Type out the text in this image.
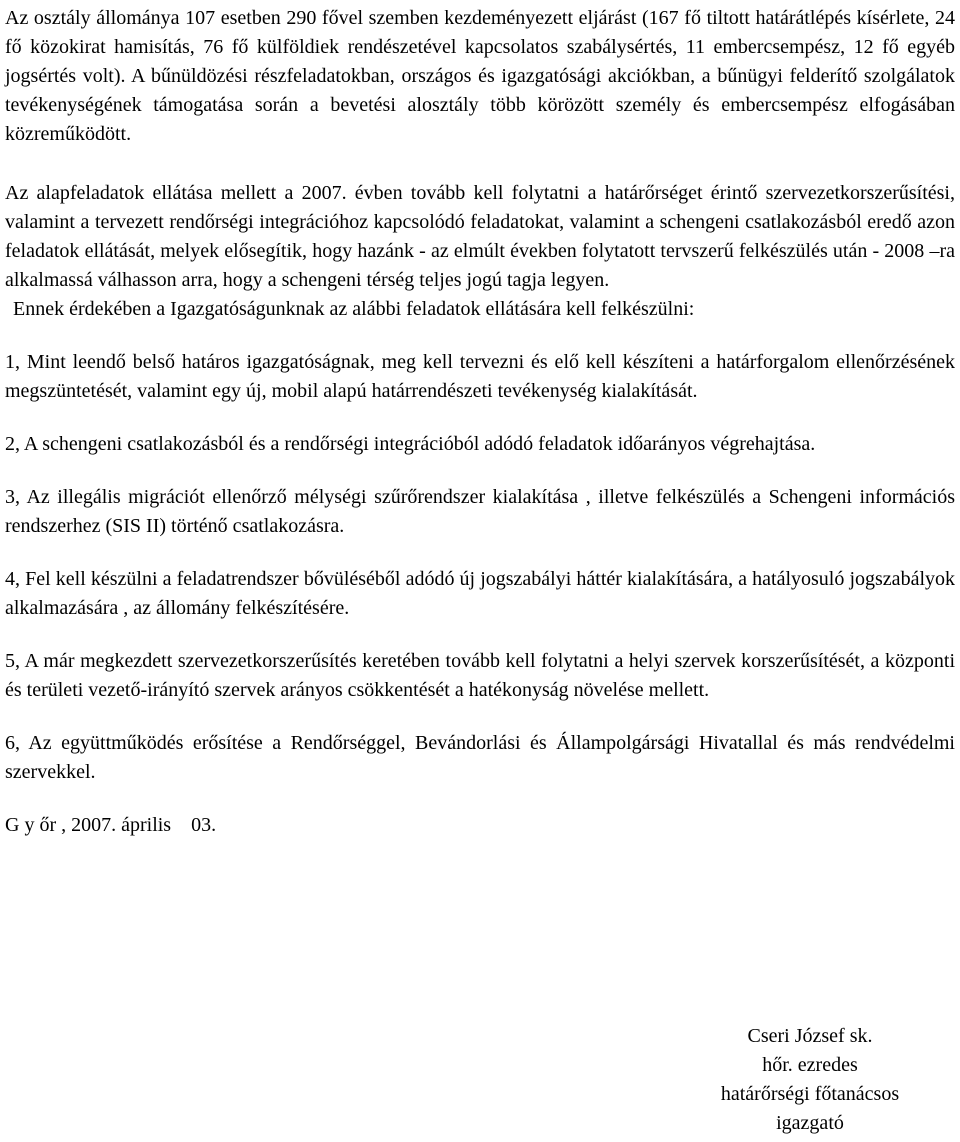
Az osztály állománya 107 esetben 290 fővel szemben kezdeményezett eljárást (167 fő tiltott határátlépés kísérlete, 24 fő közokirat hamisítás, 76 fő külföldiek rendészetével kapcsolatos szabálysértés, 11 embercsempész, 12 fő egyéb jogsértés volt). A bűnüldözési részfeladatokban, országos és igazgatósági akciókban, a bűnügyi felderítő szolgálatok tevékenységének támogatása során a bevetési alosztály több körözött személy és embercsempész elfogásában közreműködött.

Az alapfeladatok ellátása mellett a 2007. évben tovább kell folytatni a határőrséget érintő szervezetkorszerűsítési, valamint a tervezett rendőrségi integrációhoz kapcsolódó feladatokat, valamint a schengeni csatlakozásból eredő azon feladatok ellátását, melyek elősegítik, hogy hazánk - az elmúlt években folytatott tervszerű felkészülés után - 2008 –ra alkalmassá válhasson arra, hogy a schengeni térség teljes jogú tagja legyen.

Ennek érdekében a Igazgatóságunknak az alábbi feladatok ellátására kell felkészülni:

1, Mint leendő belső határos igazgatóságnak, meg kell tervezni és elő kell készíteni a határforgalom ellenőrzésének megszüntetését, valamint egy új, mobil alapú határrendészeti tevékenység kialakítását.

2, A schengeni csatlakozásból és a rendőrségi integrációból adódó feladatok időarányos végrehajtása.

3, Az illegális migrációt ellenőrző mélységi szűrőrendszer kialakítása , illetve felkészülés a Schengeni információs rendszerhez (SIS II) történő csatlakozásra.

4, Fel kell készülni a feladatrendszer bővüléséből adódó új jogszabályi háttér kialakítására, a hatályosuló jogszabályok alkalmazására , az állomány felkészítésére.

5, A már megkezdett szervezetkorszerűsítés keretében tovább kell folytatni a helyi szervek korszerűsítését, a központi és területi vezető-irányító szervek arányos csökkentését a hatékonyság növelése mellett.

6, Az együttműködés erősítése a Rendőrséggel, Bevándorlási és Állampolgársági Hivatallal és más rendvédelmi szervekkel.

G y őr , 2007. április    03.

Cseri József sk.
hőr. ezredes
határőrségi főtanácsos
igazgató
